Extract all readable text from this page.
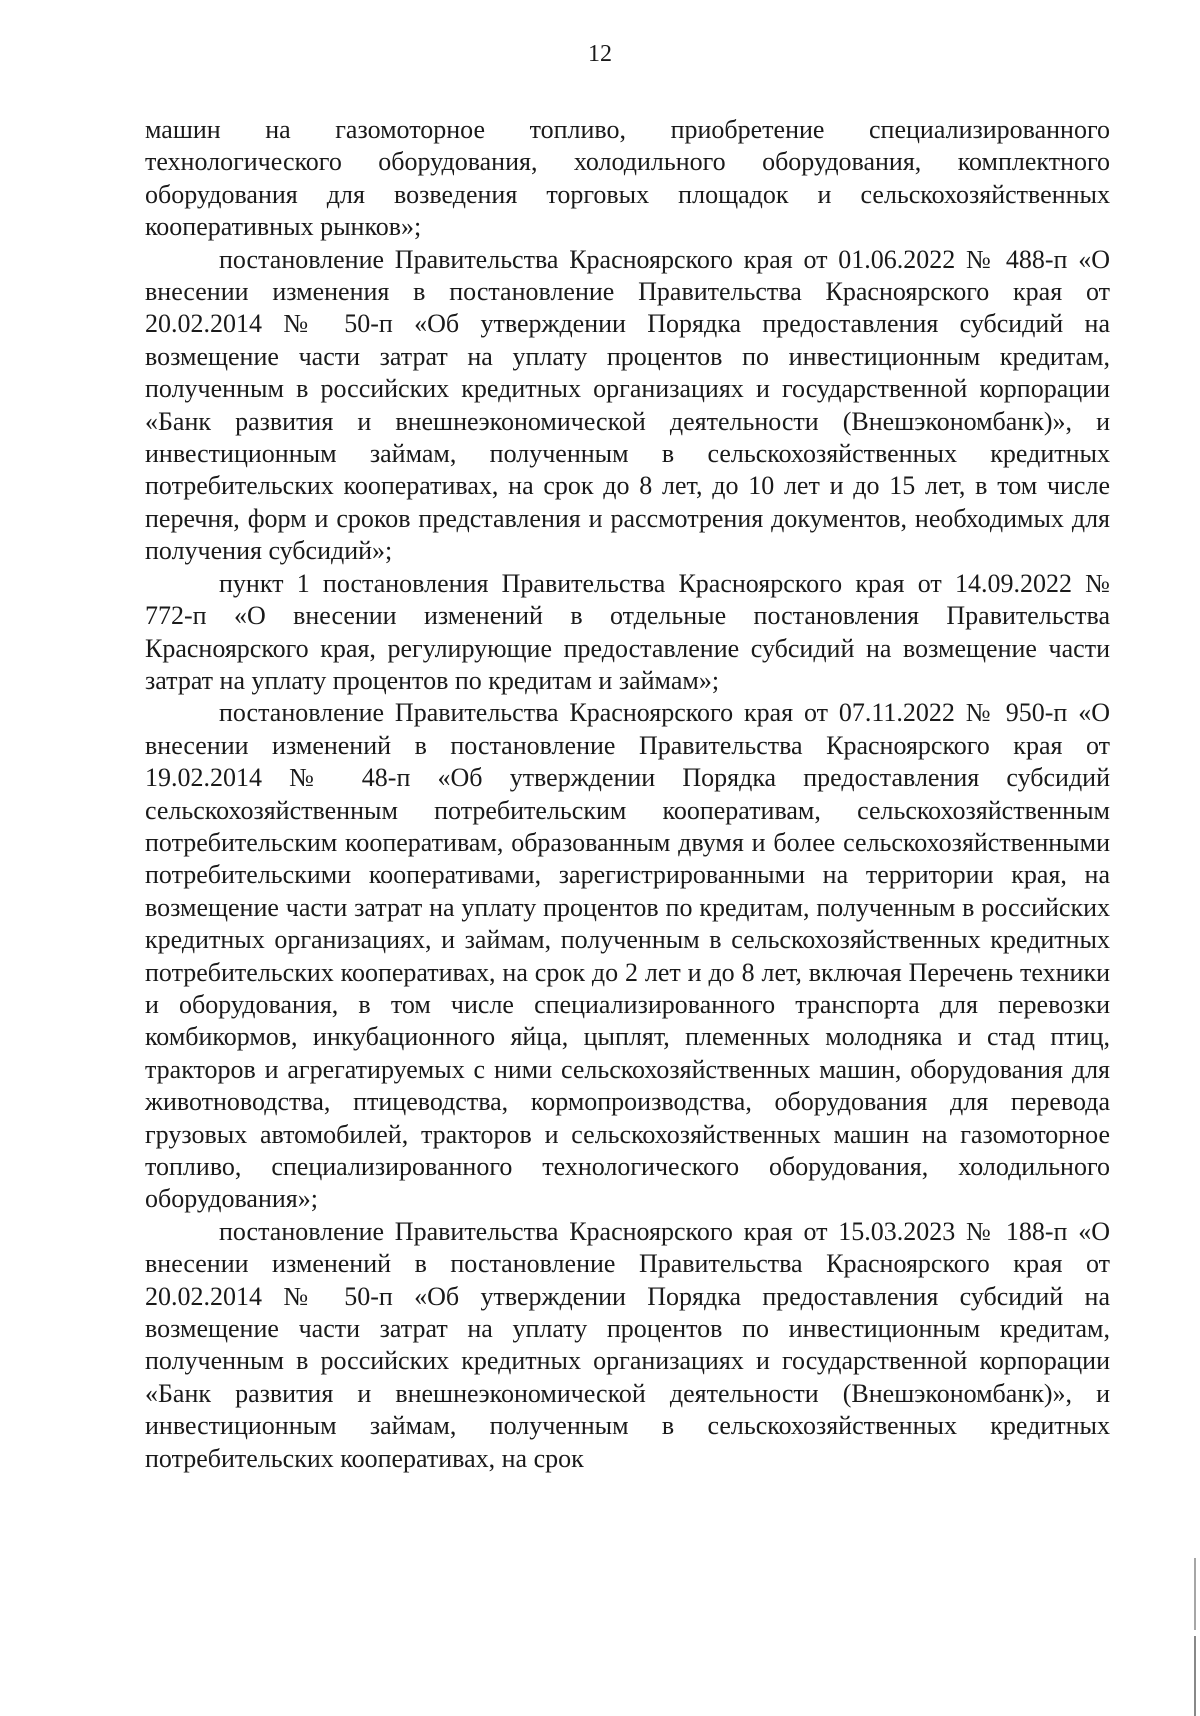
12

машин на газомоторное топливо, приобретение специализированного технологического оборудования, холодильного оборудования, комплектного оборудования для возведения торговых площадок и сельскохозяйственных кооперативных рынков»;

постановление Правительства Красноярского края от 01.06.2022 № 488-п «О внесении изменения в постановление Правительства Красноярского края от 20.02.2014 № 50-п «Об утверждении Порядка предоставления субсидий на возмещение части затрат на уплату процентов по инвестиционным кредитам, полученным в российских кредитных организациях и государственной корпорации «Банк развития и внешнеэкономической деятельности (Внешэкономбанк)», и инвестиционным займам, полученным в сельскохозяйственных кредитных потребительских кооперативах, на срок до 8 лет, до 10 лет и до 15 лет, в том числе перечня, форм и сроков представления и рассмотрения документов, необходимых для получения субсидий»;

пункт 1 постановления Правительства Красноярского края от 14.09.2022 № 772-п «О внесении изменений в отдельные постановления Правительства Красноярского края, регулирующие предоставление субсидий на возмещение части затрат на уплату процентов по кредитам и займам»;

постановление Правительства Красноярского края от 07.11.2022 № 950-п «О внесении изменений в постановление Правительства Красноярского края от 19.02.2014 № 48-п «Об утверждении Порядка предоставления субсидий сельскохозяйственным потребительским кооперативам, сельскохозяйственным потребительским кооперативам, образованным двумя и более сельскохозяйственными потребительскими кооперативами, зарегистрированными на территории края, на возмещение части затрат на уплату процентов по кредитам, полученным в российских кредитных организациях, и займам, полученным в сельскохозяйственных кредитных потребительских кооперативах, на срок до 2 лет и до 8 лет, включая Перечень техники и оборудования, в том числе специализированного транспорта для перевозки комбикормов, инкубационного яйца, цыплят, племенных молодняка и стад птиц, тракторов и агрегатируемых с ними сельскохозяйственных машин, оборудования для животноводства, птицеводства, кормопроизводства, оборудования для перевода грузовых автомобилей, тракторов и сельскохозяйственных машин на газомоторное топливо, специализированного технологического оборудования, холодильного оборудования»;

постановление Правительства Красноярского края от 15.03.2023 № 188-п «О внесении изменений в постановление Правительства Красноярского края от 20.02.2014 № 50-п «Об утверждении Порядка предоставления субсидий на возмещение части затрат на уплату процентов по инвестиционным кредитам, полученным в российских кредитных организациях и государственной корпорации «Банк развития и внешнеэкономической деятельности (Внешэкономбанк)», и инвестиционным займам, полученным в сельскохозяйственных кредитных потребительских кооперативах, на срок
